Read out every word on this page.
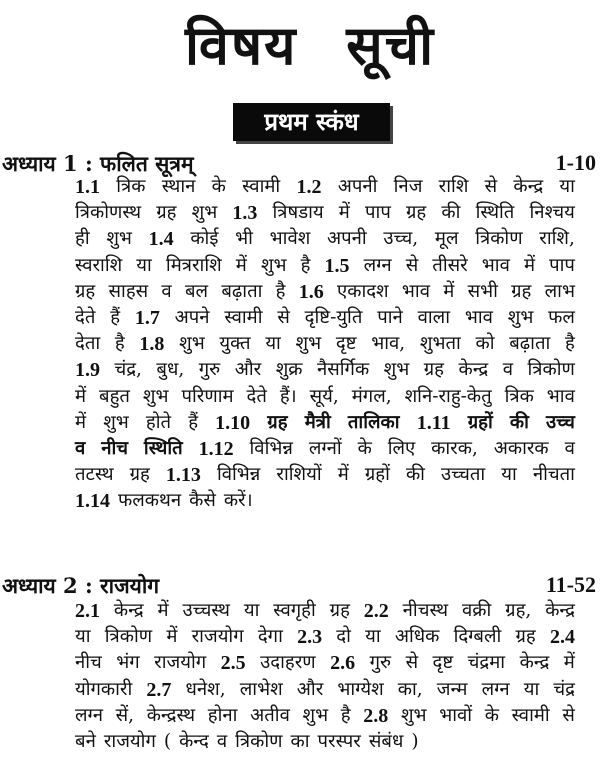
विषय सूची
प्रथम स्कंध
अध्याय 1 : फलित सूत्रम्	1-10
1.1 त्रिक स्थान के स्वामी 1.2 अपनी निज राशि से केन्द्र या
त्रिकोणस्थ ग्रह शुभ 1.3 त्रिषडाय में पाप ग्रह की स्थिति निश्चय
ही शुभ 1.4 कोई भी भावेश अपनी उच्च, मूल त्रिकोण राशि,
स्वराशि या मित्रराशि में शुभ है 1.5 लग्न से तीसरे भाव में पाप
ग्रह साहस व बल बढ़ाता है 1.6 एकादश भाव में सभी ग्रह लाभ
देते हैं 1.7 अपने स्वामी से दृष्टि-युति पाने वाला भाव शुभ फल
देता है 1.8 शुभ युक्त या शुभ दृष्ट भाव, शुभता को बढ़ाता है
1.9 चंद्र, बुध, गुरु और शुक्र नैसर्गिक शुभ ग्रह केन्द्र व त्रिकोण
में बहुत शुभ परिणाम देते हैं। सूर्य, मंगल, शनि-राहु-केतु त्रिक भाव
में शुभ होते हैं 1.10 ग्रह मैत्री तालिका 1.11 ग्रहों की उच्च
व नीच स्थिति 1.12 विभिन्न लग्नों के लिए कारक, अकारक व
तटस्थ ग्रह 1.13 विभिन्न राशियों में ग्रहों की उच्चता या नीचता
1.14 फलकथन कैसे करें।
अध्याय 2 : राजयोग	11-52
2.1 केन्द्र में उच्चस्थ या स्वगृही ग्रह 2.2 नीचस्थ वक्री ग्रह, केन्द्र
या त्रिकोण में राजयोग देगा 2.3 दो या अधिक दिग्बली ग्रह 2.4
नीच भंग राजयोग 2.5 उदाहरण 2.6 गुरु से दृष्ट चंद्रमा केन्द्र में
योगकारी 2.7 धनेश, लाभेश और भाग्येश का, जन्म लग्न या चंद्र
लग्न सें, केन्द्रस्थ होना अतीव शुभ है 2.8 शुभ भावों के स्वामी से
बने राजयोग ( केन्द व त्रिकोण का परस्पर संबंध )
